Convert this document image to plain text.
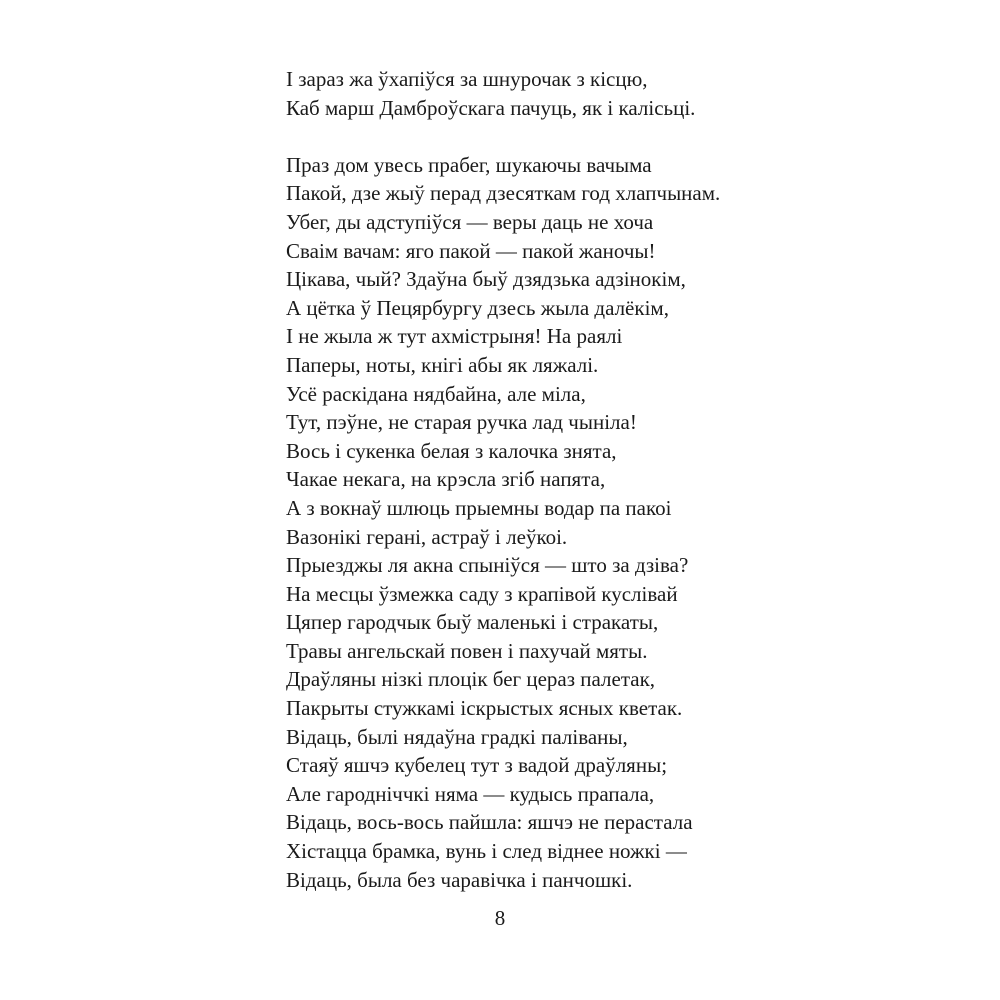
І зараз жа ўхапіўся за шнурочак з кісцю,
Каб марш Дамброўскага пачуць, як і калісьці.
Праз дом увесь прабег, шукаючы вачыма
Пакой, дзе жыў перад дзесяткам год хлапчынам.
Убег, ды адступіўся — веры даць не хоча
Сваім вачам: яго пакой — пакой жаночы!
Цікава, чый? Здаўна быў дзядзька адзінокім,
А цётка ў Пецярбургу дзесь жыла далёкім,
І не жыла ж тут ахмістрыня! На раялі
Паперы, ноты, кнігі абы як ляжалі.
Усё раскідана нядбайна, але міла,
Тут, пэўне, не старая ручка лад чыніла!
Вось і сукенка белая з калочка знята,
Чакае некага, на крэсла згіб напята,
А з вокнаў шлюць прыемны водар па пакоі
Вазонікі герані, астраў і леўкоі.
Прыезджы ля акна спыніўся — што за дзіва?
На месцы ўзмежка саду з крапівой куслівай
Цяпер гародчык быў маленькі і стракаты,
Травы ангельскай повен і пахучай мяты.
Драўляны нізкі плоцік бег цераз палетак,
Пакрыты стужкамі іскрыстых ясных кветак.
Відаць, былі нядаўна градкі паліваны,
Стаяў яшчэ кубелец тут з вадой драўляны;
Але гародніччкі няма — кудысь прапала,
Відаць, вось-вось пайшла: яшчэ не перастала
Хістацца брамка, вунь і след віднее ножкі —
Відаць, была без чаравічка і панчошкі.
8
